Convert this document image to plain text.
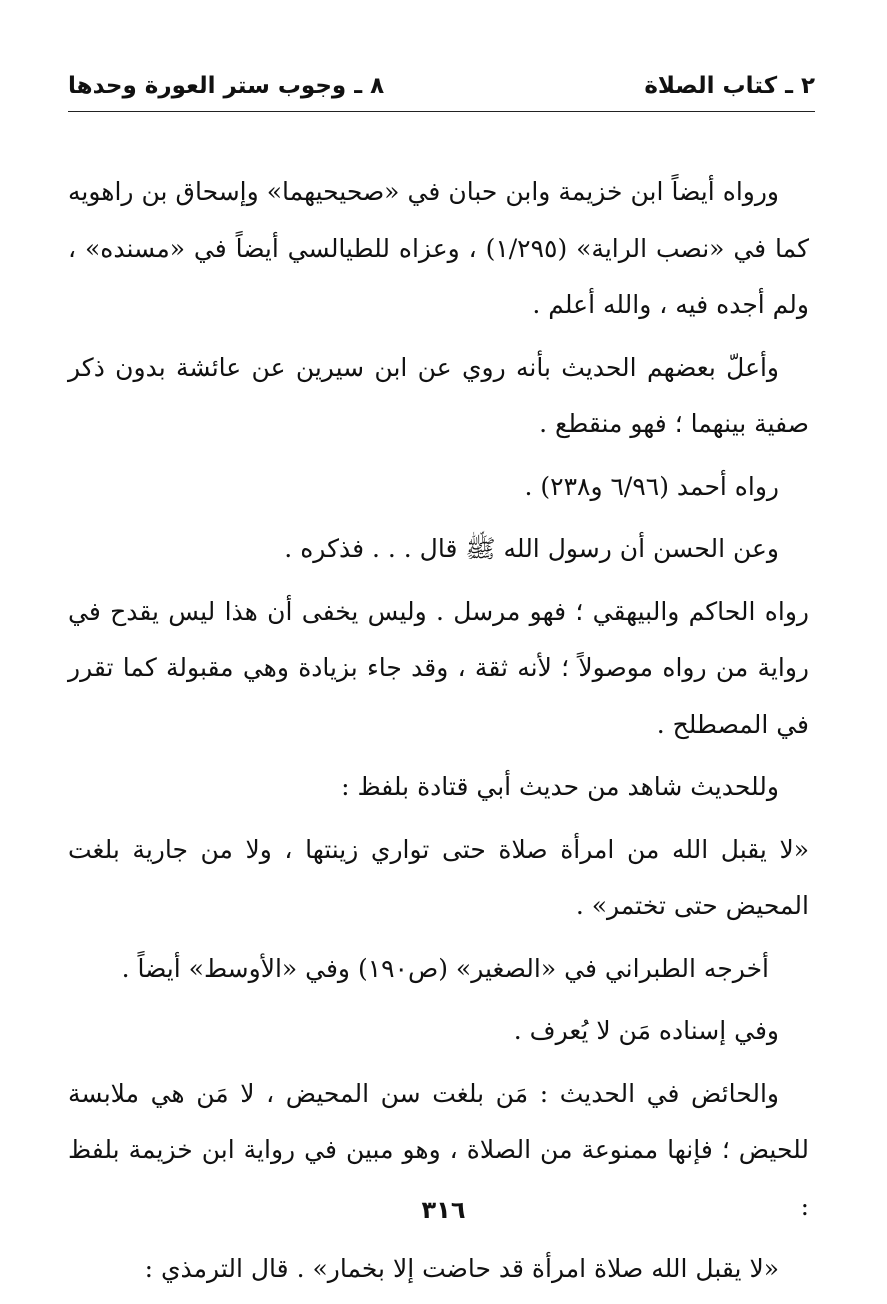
٢ ـ كتاب الصلاة
٨ ـ وجوب ستر العورة وحدها

ورواه أيضاً ابن خزيمة وابن حبان في «صحيحيهما» وإسحاق بن راهويه كما في «نصب الراية» (١/٢٩٥) ، وعزاه للطيالسي أيضاً في «مسنده» ، ولم أجده فيه ، والله أعلم .

وأعلّ بعضهم الحديث بأنه روي عن ابن سيرين عن عائشة بدون ذكر صفية بينهما ؛ فهو منقطع .

رواه أحمد (٦/٩٦ و٢٣٨) .

وعن الحسن أن رسول الله ﷺ قال . . . فذكره .

رواه الحاكم والبيهقي ؛ فهو مرسل . وليس يخفى أن هذا ليس يقدح في رواية من رواه موصولاً ؛ لأنه ثقة ، وقد جاء بزيادة وهي مقبولة كما تقرر في المصطلح .

وللحديث شاهد من حديث أبي قتادة بلفظ :

«لا يقبل الله من امرأة صلاة حتى تواري زينتها ، ولا من جارية بلغت المحيض حتى تختمر» .

أخرجه الطبراني في «الصغير» (ص١٩٠) وفي «الأوسط» أيضاً .

وفي إسناده مَن لا يُعرف .

والحائض في الحديث : مَن بلغت سن المحيض ، لا مَن هي ملابسة للحيض ؛ فإنها ممنوعة من الصلاة ، وهو مبين في رواية ابن خزيمة بلفظ :

«لا يقبل الله صلاة امرأة قد حاضت إلا بخمار» . قال الترمذي :

٣١٦
